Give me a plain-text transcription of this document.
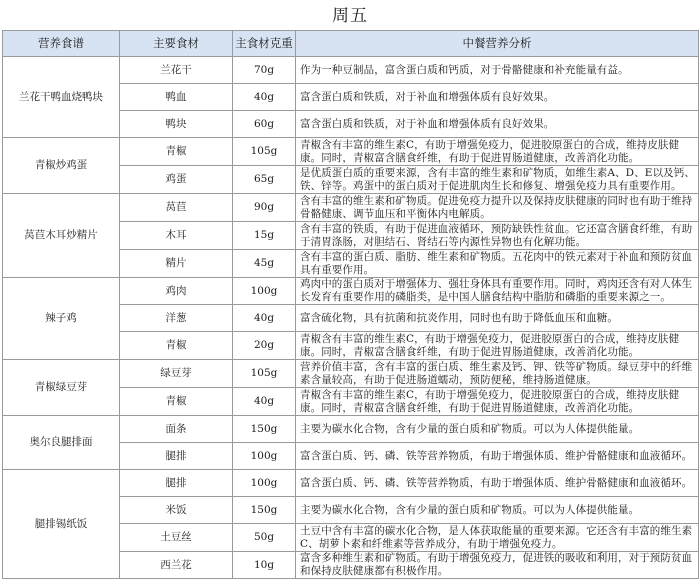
周五
营养食谱	主要食材	主食材克重	中餐营养分析
兰花干鸭血烧鸭块	兰花干	70g	作为一种豆制品，富含蛋白质和钙质，对于骨骼健康和补充能量有益。
	鸭血	40g	富含蛋白质和铁质，对于补血和增强体质有良好效果。
	鸭块	60g	富含蛋白质和铁质，对于补血和增强体质有良好效果。
青椒炒鸡蛋	青椒	105g	青椒含有丰富的维生素C，有助于增强免疫力，促进胶原蛋白的合成，维持皮肤健康。同时，青椒富含膳食纤维，有助于促进胃肠道健康，改善消化功能。
	鸡蛋	65g	是优质蛋白质的重要来源，含有丰富的维生素和矿物质，如维生素A、D、E以及钙、铁、锌等。鸡蛋中的蛋白质对于促进肌肉生长和修复、增强免疫力具有重要作用。
莴苣木耳炒精片	莴苣	90g	含有丰富的维生素和矿物质。促进免疫力提升以及保持皮肤健康的同时也有助于维持骨骼健康、调节血压和平衡体内电解质。
	木耳	15g	含有丰富的铁质，有助于促进血液循环，预防缺铁性贫血。它还富含膳食纤维，有助于清胃涤肠，对胆结石、肾结石等内源性异物也有化解功能。
	精片	45g	含有丰富的蛋白质、脂肪、维生素和矿物质。五花肉中的铁元素对于补血和预防贫血具有重要作用。
辣子鸡	鸡肉	100g	鸡肉中的蛋白质对于增强体力、强壮身体具有重要作用。同时，鸡肉还含有对人体生长发育有重要作用的磷脂类，是中国人膳食结构中脂肪和磷脂的重要来源之一。
	洋葱	40g	富含硫化物，具有抗菌和抗炎作用，同时也有助于降低血压和血糖。
	青椒	20g	青椒含有丰富的维生素C，有助于增强免疫力，促进胶原蛋白的合成，维持皮肤健康。同时，青椒富含膳食纤维，有助于促进胃肠道健康，改善消化功能。
青椒绿豆芽	绿豆芽	105g	营养价值丰富，含有丰富的蛋白质、维生素及钙、钾、铁等矿物质。绿豆芽中的纤维素含量较高，有助于促进肠道蠕动，预防便秘，维持肠道健康。
	青椒	40g	青椒含有丰富的维生素C，有助于增强免疫力，促进胶原蛋白的合成，维持皮肤健康。同时，青椒富含膳食纤维，有助于促进胃肠道健康，改善消化功能。
奥尔良腿排面	面条	150g	主要为碳水化合物，含有少量的蛋白质和矿物质。可以为人体提供能量。
	腿排	100g	富含蛋白质、钙、磷、铁等营养物质，有助于增强体质、维护骨骼健康和血液循环。
腿排锡纸饭	腿排	100g	富含蛋白质、钙、磷、铁等营养物质，有助于增强体质、维护骨骼健康和血液循环。
	米饭	150g	主要为碳水化合物，含有少量的蛋白质和矿物质。可以为人体提供能量。
	土豆丝	50g	土豆中含有丰富的碳水化合物，是人体获取能量的重要来源。它还含有丰富的维生素C、胡萝卜素和纤维素等营养成分，有助于增强免疫力。
	西兰花	10g	富含多种维生素和矿物质。有助于增强免疫力，促进铁的吸收和利用，对于预防贫血和保持皮肤健康都有积极作用。
